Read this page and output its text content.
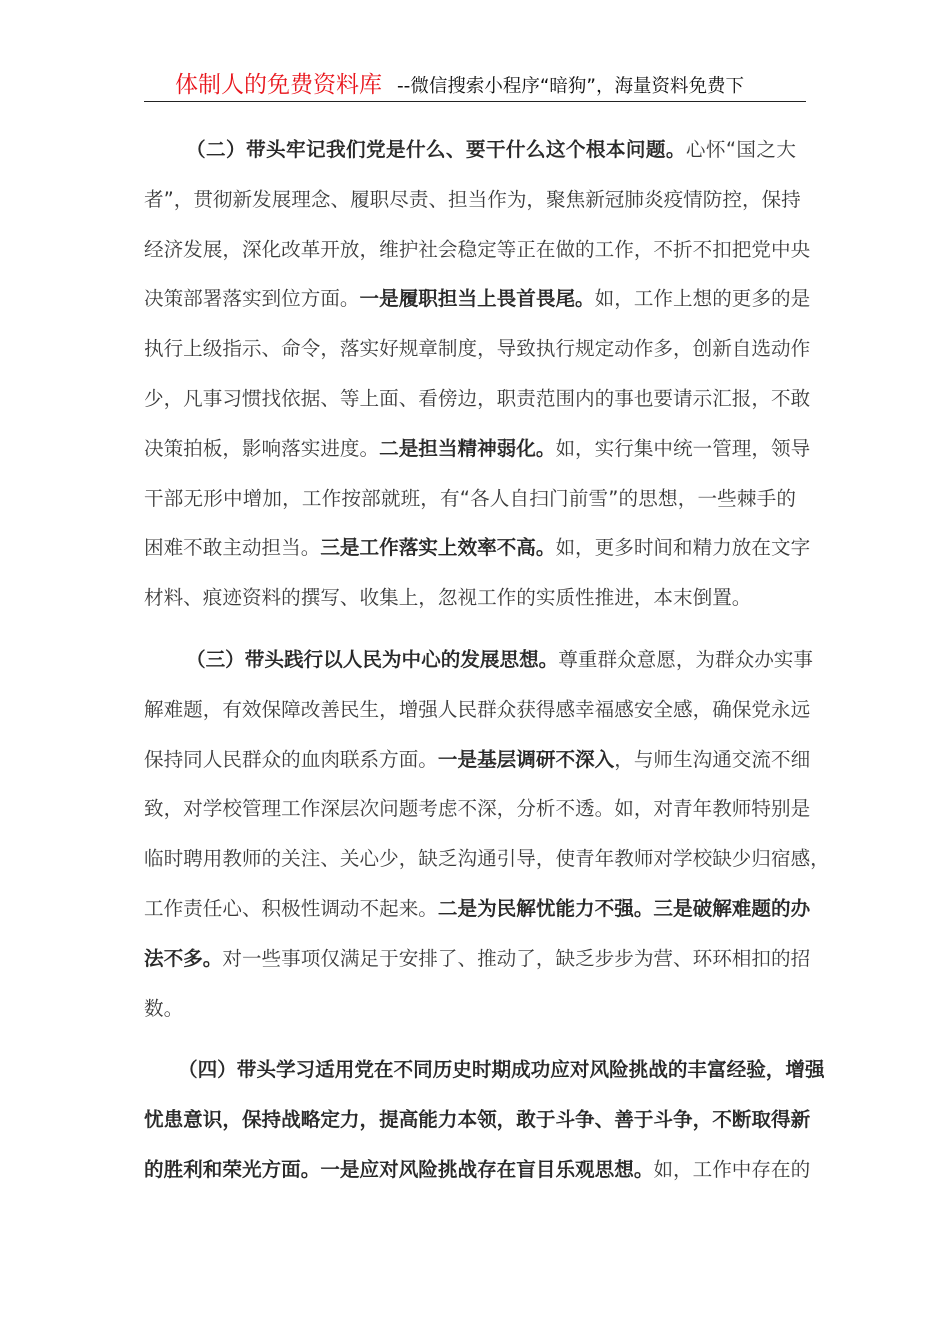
体制人的免费资料库 --微信搜索小程序“暗狗”，海量资料免费下
（二）带头牢记我们党是什么、要干什么这个根本问题。心怀“国之大
者”，贯彻新发展理念、履职尽责、担当作为，聚焦新冠肺炎疫情防控，保持
经济发展，深化改革开放，维护社会稳定等正在做的工作，不折不扣把党中央
决策部署落实到位方面。一是履职担当上畏首畏尾。如，工作上想的更多的是
执行上级指示、命令，落实好规章制度，导致执行规定动作多，创新自选动作
少，凡事习惯找依据、等上面、看傍边，职责范围内的事也要请示汇报，不敢
决策拍板，影响落实进度。二是担当精神弱化。如，实行集中统一管理，领导
干部无形中增加，工作按部就班，有“各人自扫门前雪”的思想，一些棘手的
困难不敢主动担当。三是工作落实上效率不高。如，更多时间和精力放在文字
材料、痕迹资料的撰写、收集上，忽视工作的实质性推进，本末倒置。
（三）带头践行以人民为中心的发展思想。尊重群众意愿，为群众办实事
解难题，有效保障改善民生，增强人民群众获得感幸福感安全感，确保党永远
保持同人民群众的血肉联系方面。一是基层调研不深入，与师生沟通交流不细
致，对学校管理工作深层次问题考虑不深，分析不透。如，对青年教师特别是
临时聘用教师的关注、关心少，缺乏沟通引导，使青年教师对学校缺少归宿感，
工作责任心、积极性调动不起来。二是为民解忧能力不强。三是破解难题的办
法不多。对一些事项仅满足于安排了、推动了，缺乏步步为营、环环相扣的招
数。
（四）带头学习适用党在不同历史时期成功应对风险挑战的丰富经验，增强
忧患意识，保持战略定力，提高能力本领，敢于斗争、善于斗争，不断取得新
的胜利和荣光方面。一是应对风险挑战存在盲目乐观思想。如，工作中存在的
